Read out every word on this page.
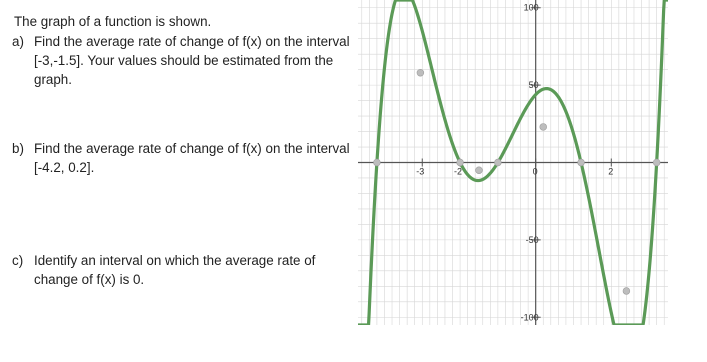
The graph of a function is shown.
a) Find the average rate of change of f(x) on the interval [-3,-1.5]. Your values should be estimated from the graph.
b) Find the average rate of change of f(x) on the interval [-4.2, 0.2].
c) Identify an interval on which the average rate of change of f(x) is 0.
100
50
-50
-100
-3	-2	0	2
